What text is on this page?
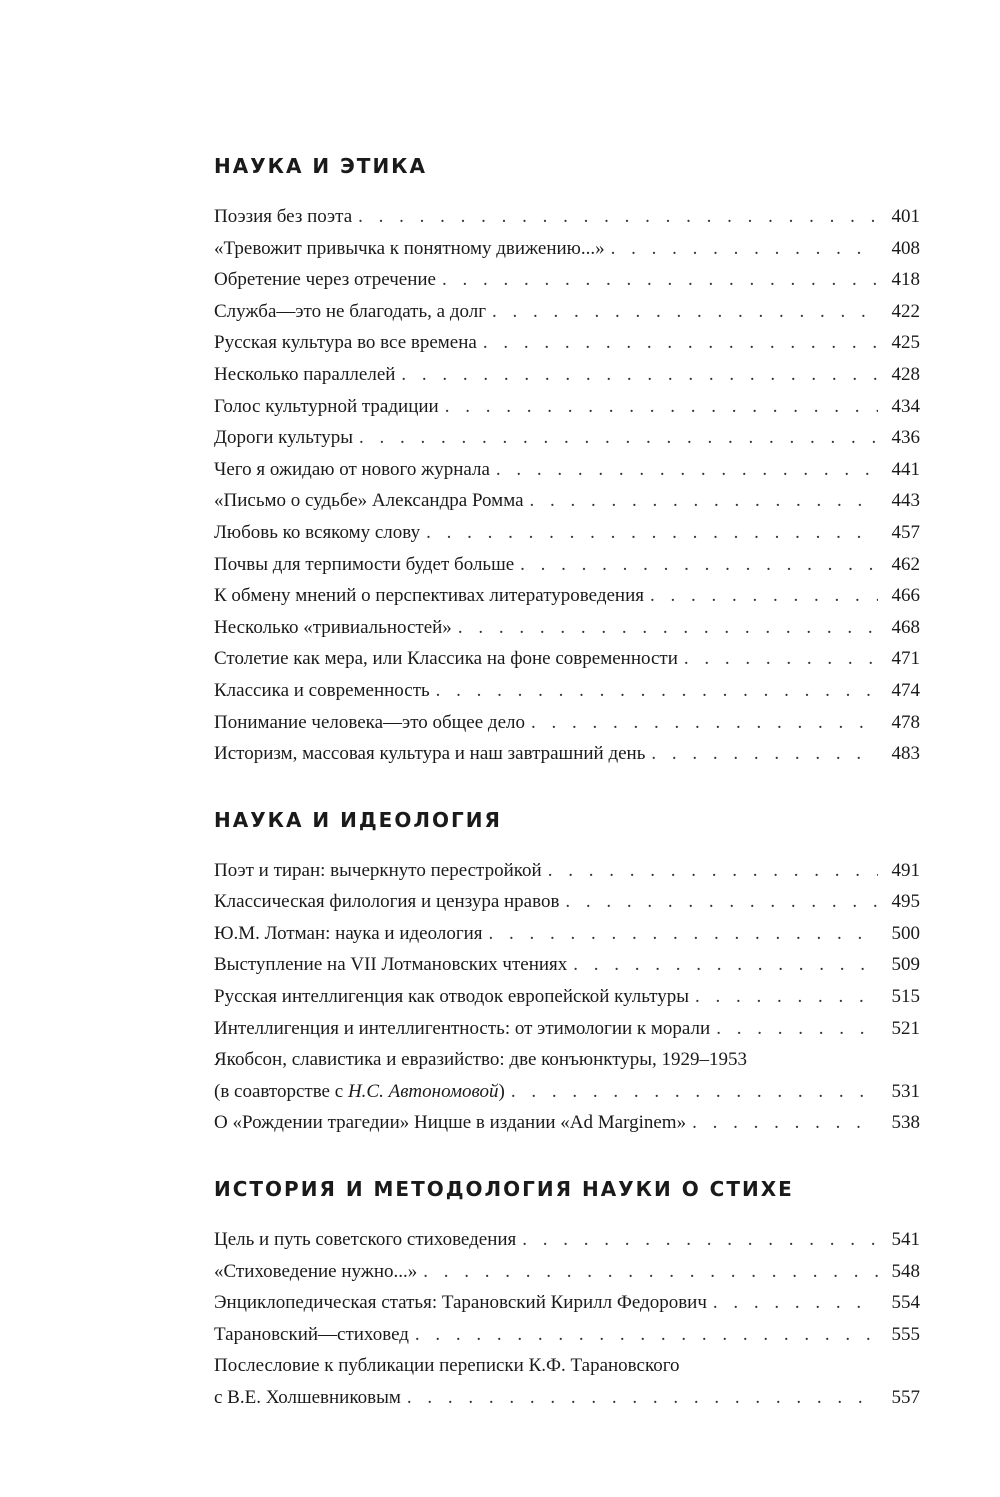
НАУКА И ЭТИКА
Поэзия без поэта . . .	401
«Тревожит привычка к понятному движению...» . . .	408
Обретение через отречение . . .	418
Служба—это не благодать, а долг . . .	422
Русская культура во все времена . . .	425
Несколько параллелей . . .	428
Голос культурной традиции . . .	434
Дороги культуры . . .	436
Чего я ожидаю от нового журнала . . .	441
«Письмо о судьбе» Александра Ромма . . .	443
Любовь ко всякому слову . . .	457
Почвы для терпимости будет больше . . .	462
К обмену мнений о перспективах литературоведения . . .	466
Несколько «тривиальностей» . . .	468
Столетие как мера, или Классика на фоне современности . . .	471
Классика и современность . . .	474
Понимание человека—это общее дело . . .	478
Историзм, массовая культура и наш завтрашний день . . .	483
НАУКА И ИДЕОЛОГИЯ
Поэт и тиран: вычеркнуто перестройкой . . .	491
Классическая филология и цензура нравов . . .	495
Ю.М. Лотман: наука и идеология . . .	500
Выступление на VII Лотмановских чтениях . . .	509
Русская интеллигенция как отводок европейской культуры . . .	515
Интеллигенция и интеллигентность: от этимологии к морали . . .	521
Якобсон, славистика и евразийство: две конъюнктуры, 1929–1953
(в соавторстве с Н.С. Автономовой) . . .	531
О «Рождении трагедии» Ницше в издании «Ad Marginem» . . .	538
ИСТОРИЯ И МЕТОДОЛОГИЯ НАУКИ О СТИХЕ
Цель и путь советского стиховедения . . .	541
«Стиховедение нужно...» . . .	548
Энциклопедическая статья: Тарановский Кирилл Федорович . . .	554
Тарановский—стиховед . . .	555
Послесловие к публикации переписки К.Ф. Тарановского
с В.Е. Холшевниковым . . .	557
